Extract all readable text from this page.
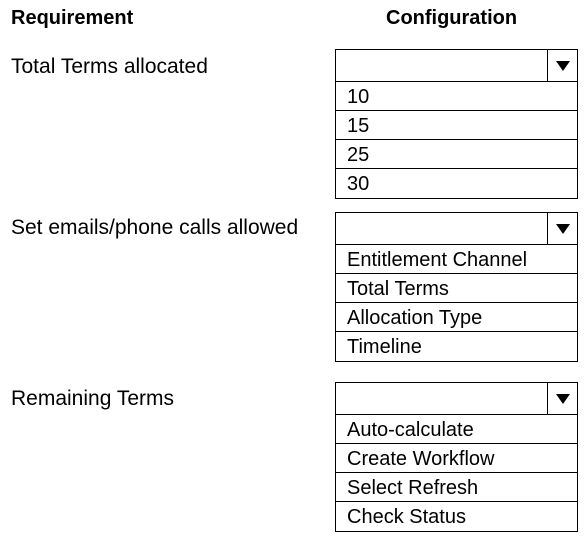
Requirement	Configuration
Total Terms allocated
10
15
25
30
Set emails/phone calls allowed
Entitlement Channel
Total Terms
Allocation Type
Timeline
Remaining Terms
Auto-calculate
Create Workflow
Select Refresh
Check Status
